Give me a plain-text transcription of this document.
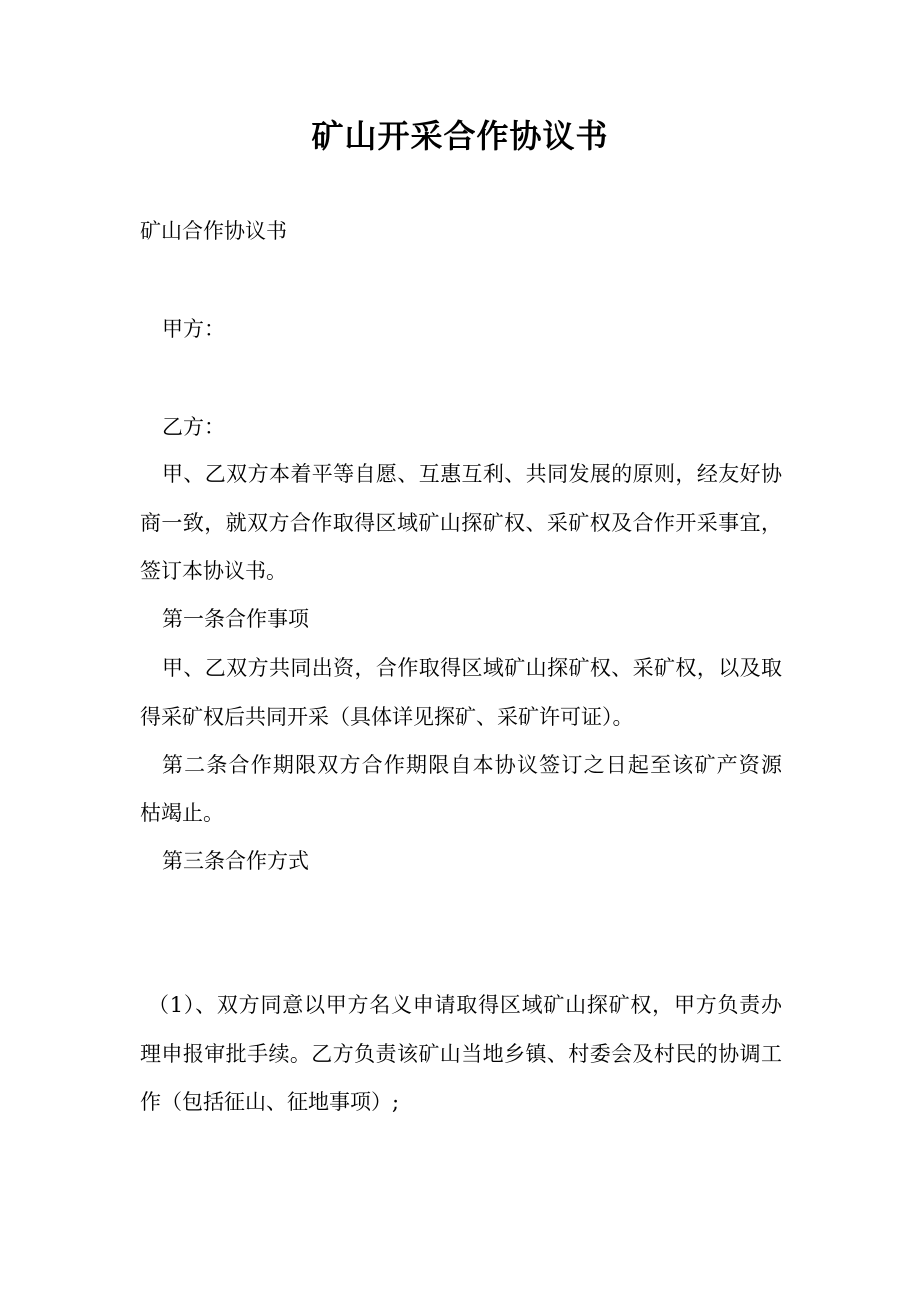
矿山开采合作协议书
矿山合作协议书
甲方：
乙方：
甲、乙双方本着平等自愿、互惠互利、共同发展的原则，经友好协
商一致，就双方合作取得区域矿山探矿权、采矿权及合作开采事宜，
签订本协议书。
第一条合作事项
甲、乙双方共同出资，合作取得区域矿山探矿权、采矿权，以及取
得采矿权后共同开采（具体详见探矿、采矿许可证）。
第二条合作期限双方合作期限自本协议签订之日起至该矿产资源
枯竭止。
第三条合作方式
（1）、双方同意以甲方名义申请取得区域矿山探矿权，甲方负责办
理申报审批手续。乙方负责该矿山当地乡镇、村委会及村民的协调工
作（包括征山、征地事项）;
